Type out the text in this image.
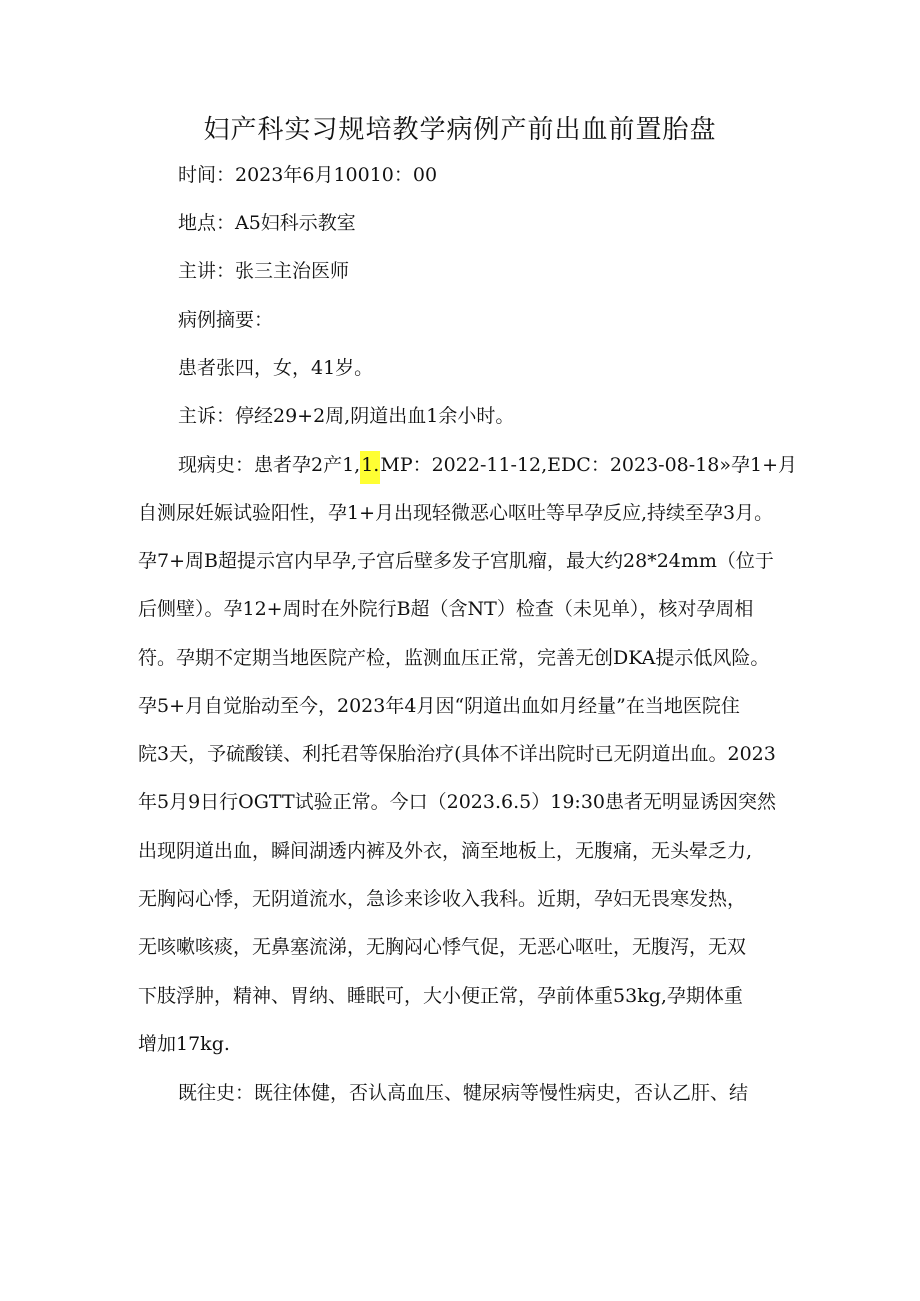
妇产科实习规培教学病例产前出血前置胎盘
时间：2023年6月10010：00
地点：A5妇科示教室
主讲：张三主治医师
病例摘要：
患者张四，女，41岁。
主诉：停经29+2周,阴道出血1余小时。
现病史：患者孕2产1,1.MP：2022-11-12,EDC：2023-08-18»孕1+月
自测尿妊娠试验阳性，孕1+月出现轻微恶心呕吐等早孕反应,持续至孕3月。
孕7+周B超提示宫内早孕,子宫后壁多发子宫肌瘤，最大约28*24mm（位于
后侧壁）。孕12+周时在外院行B超（含NT）检查（未见单），核对孕周相
符。孕期不定期当地医院产检，监测血压正常，完善无创DKA提示低风险。
孕5+月自觉胎动至今，2023年4月因“阴道出血如月经量”在当地医院住
院3天，予硫酸镁、利托君等保胎治疗(具体不详出院时已无阴道出血。2023
年5月9日行OGTT试验正常。今口（2023.6.5）19:30患者无明显诱因突然
出现阴道出血，瞬间湖透内裤及外衣，滴至地板上，无腹痛，无头晕乏力,
无胸闷心悸，无阴道流水，急诊来诊收入我科。近期，孕妇无畏寒发热，
无咳嗽咳痰，无鼻塞流涕，无胸闷心悸气促，无恶心呕吐，无腹泻，无双
下肢浮肿，精神、胃纳、睡眠可，大小便正常，孕前体重53kg,孕期体重
增加17kg.
既往史：既往体健，否认高血压、犍尿病等慢性病史，否认乙肝、结
